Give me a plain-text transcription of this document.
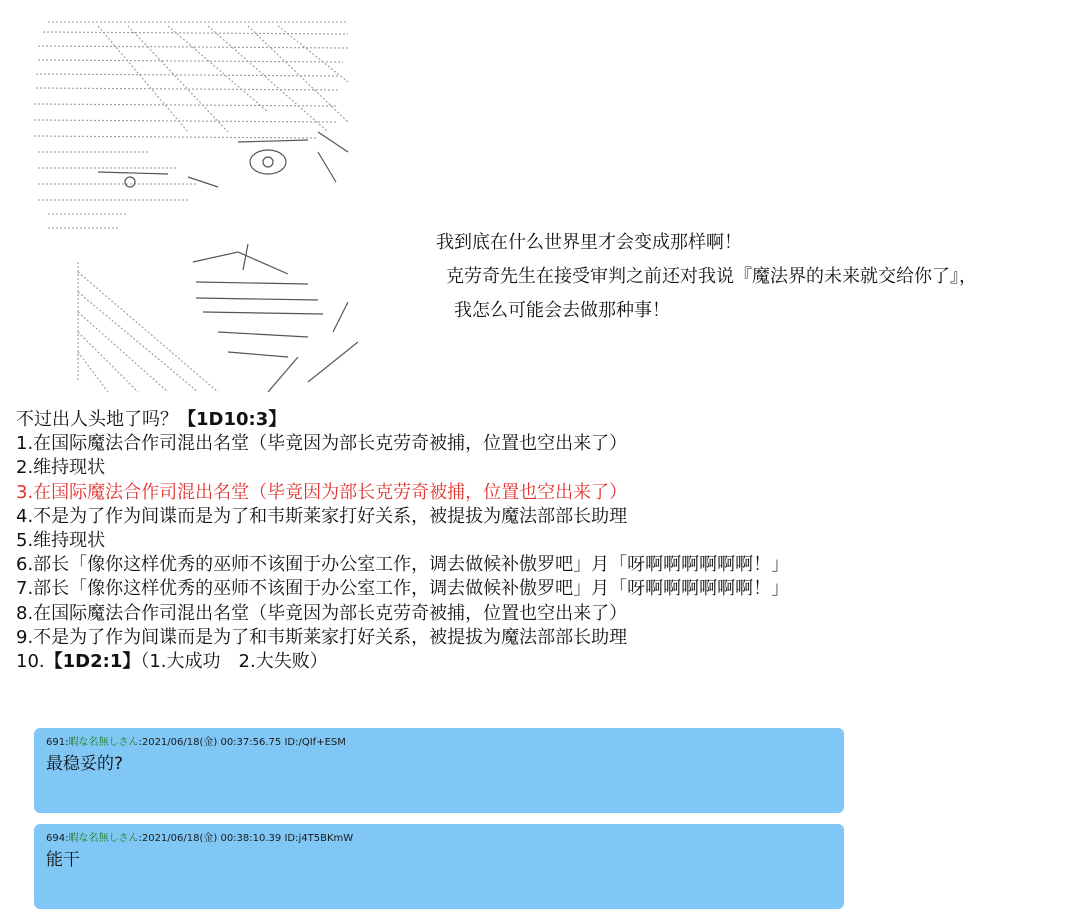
我到底在什么世界里才会变成那样啊！
克劳奇先生在接受审判之前还对我说『魔法界的未来就交给你了』，
我怎么可能会去做那种事！
不过出人头地了吗？【1D10:3】
1.在国际魔法合作司混出名堂（毕竟因为部长克劳奇被捕，位置也空出来了）
2.维持现状
3.在国际魔法合作司混出名堂（毕竟因为部长克劳奇被捕，位置也空出来了）
4.不是为了作为间谍而是为了和韦斯莱家打好关系，被提拔为魔法部部长助理
5.维持现状
6.部长「像你这样优秀的巫师不该囿于办公室工作，调去做候补傲罗吧」月「呀啊啊啊啊啊啊！」
7.部长「像你这样优秀的巫师不该囿于办公室工作，调去做候补傲罗吧」月「呀啊啊啊啊啊啊！」
8.在国际魔法合作司混出名堂（毕竟因为部长克劳奇被捕，位置也空出来了）
9.不是为了作为间谍而是为了和韦斯莱家打好关系，被提拔为魔法部部长助理
10.【1D2:1】（1.大成功　2.大失败）
691:暇な名無しさん:2021/06/18(金) 00:37:56.75 ID:/QIf+ESM
最稳妥的?
694:暇な名無しさん:2021/06/18(金) 00:38:10.39 ID:j4T5BKmW
能干
